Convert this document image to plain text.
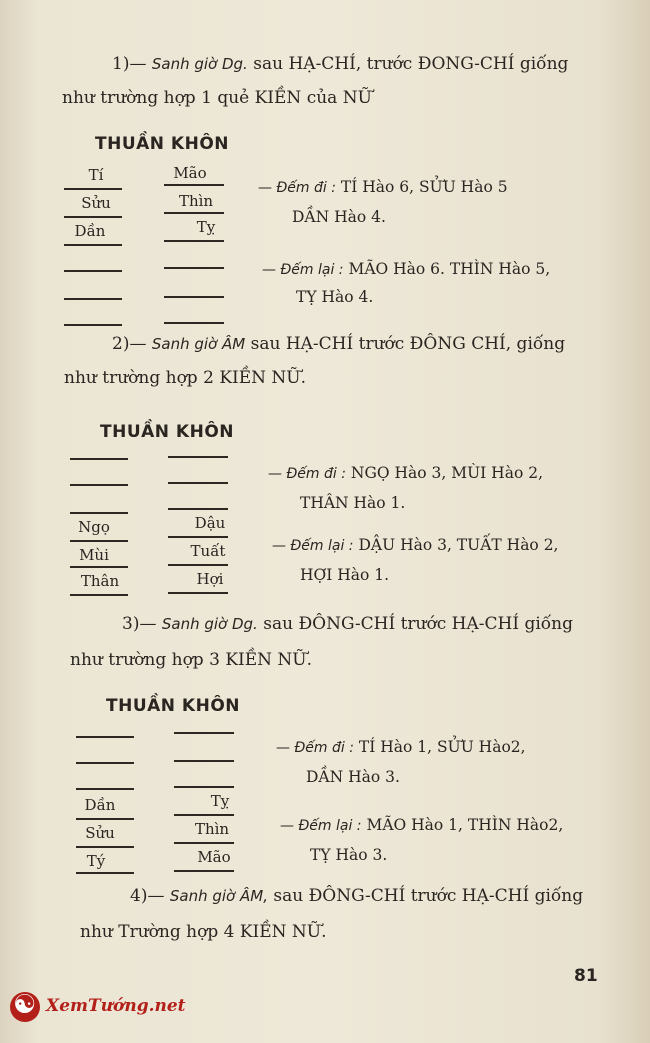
1)— Sanh giờ Dg. sau HẠ-CHÍ, trước ĐONG-CHÍ giống
như trường hợp 1 quẻ KIỀN của NỮ
THUẦN KHÔN
Tí
Sửu
Dần
Mão
Thìn
Tỵ
— Đếm đi : TÍ Hào 6, SỬU Hào 5
DẦN Hào 4.
— Đếm lại : MÃO Hào 6. THÌN Hào 5,
TỴ Hào 4.
2)— Sanh giờ ÂM sau HẠ-CHÍ trước ĐÔNG CHÍ, giống
như trường hợp 2 KIỀN NỮ.
THUẦN KHÔN
Ngọ
Mùi
Thân
Dậu
Tuất
Hợi
— Đếm đi : NGỌ Hào 3, MÙI Hào 2,
THÂN Hào 1.
— Đếm lại : DẬU Hào 3, TUẤT Hào 2,
HỢI Hào 1.
3)— Sanh giờ Dg. sau ĐÔNG-CHÍ trước HẠ-CHÍ giống
như trường hợp 3 KIỀN NỮ.
THUẦN KHÔN
Dần
Sửu
Tý
Tỵ
Thìn
Mão
— Đếm đi : TÍ Hào 1, SỬU Hào2,
DẦN Hào 3.
— Đếm lại : MÃO Hào 1, THÌN Hào2,
TỴ Hào 3.
4)— Sanh giờ ÂM, sau ĐÔNG-CHÍ trước HẠ-CHÍ giống
như Trường hợp 4 KIỀN NỮ.
81
☯
XemTướng.net
